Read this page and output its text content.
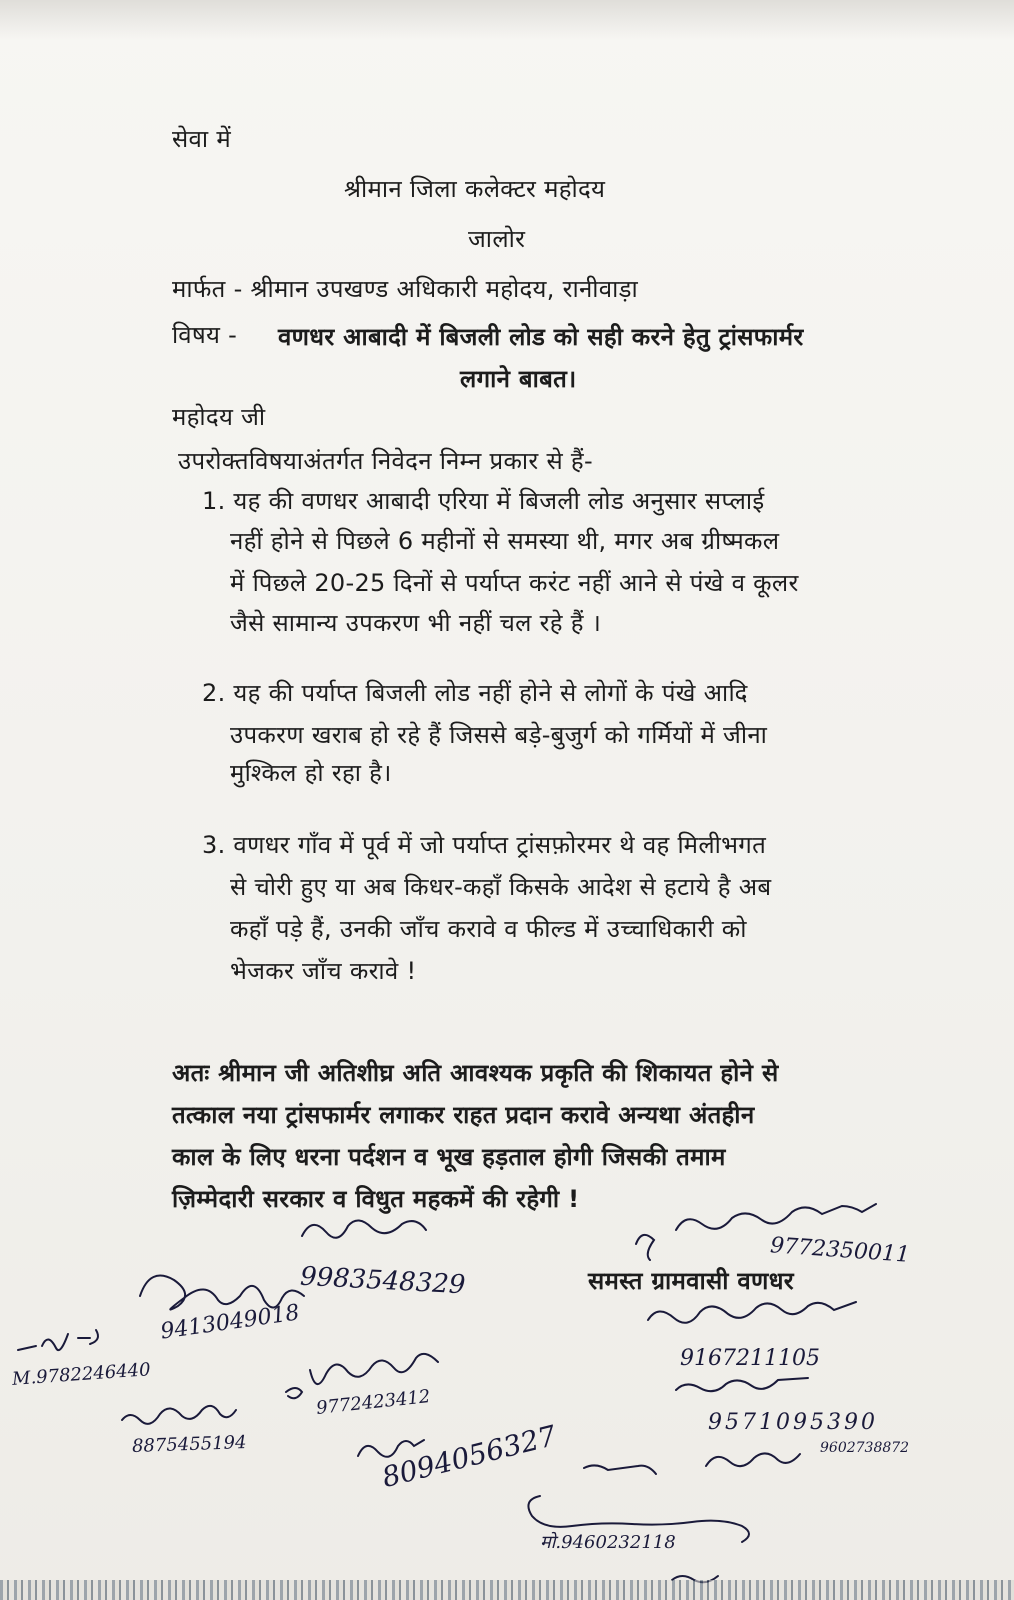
सेवा में
श्रीमान जिला कलेक्टर महोदय
जालोर
मार्फत - श्रीमान उपखण्ड अधिकारी महोदय, रानीवाड़ा
विषय - वणधर आबादी में बिजली लोड को सही करने हेतु ट्रांसफार्मर
लगाने बाबत।
महोदय जी
उपरोक्तविषयाअंतर्गत निवेदन निम्न प्रकार से हैं-
1. यह की वणधर आबादी एरिया में बिजली लोड अनुसार सप्लाई
नहीं होने से पिछले 6 महीनों से समस्या थी, मगर अब ग्रीष्मकल
में पिछले 20-25 दिनों से पर्याप्त करंट नहीं आने से पंखे व कूलर
जैसे सामान्य उपकरण भी नहीं चल रहे हैं ।
2. यह की पर्याप्त बिजली लोड नहीं होने से लोगों के पंखे आदि
उपकरण खराब हो रहे हैं जिससे बड़े-बुजुर्ग को गर्मियों में जीना
मुश्किल हो रहा है।
3. वणधर गाँव में पूर्व में जो पर्याप्त ट्रांसफ़ोरमर थे वह मिलीभगत
से चोरी हुए या अब किधर-कहाँ किसके आदेश से हटाये है अब
कहाँ पड़े हैं, उनकी जाँच करावे व फील्ड में उच्चाधिकारी को
भेजकर जाँच करावे !
अतः श्रीमान जी अतिशीघ्र अति आवश्यक प्रकृति की शिकायत होने से
तत्काल नया ट्रांसफार्मर लगाकर राहत प्रदान करावे अन्यथा अंतहीन
काल के लिए धरना पर्दशन व भूख हड़ताल होगी जिसकी तमाम
ज़िम्मेदारी सरकार व विधुत महकमें की रहेगी !
समस्त ग्रामवासी वणधर
9983548329
9413049018
M.9782246440
9772423412
8875455194	8094056327
9772350011
9167211105
9571095390
9602738872
मो.9460232118
